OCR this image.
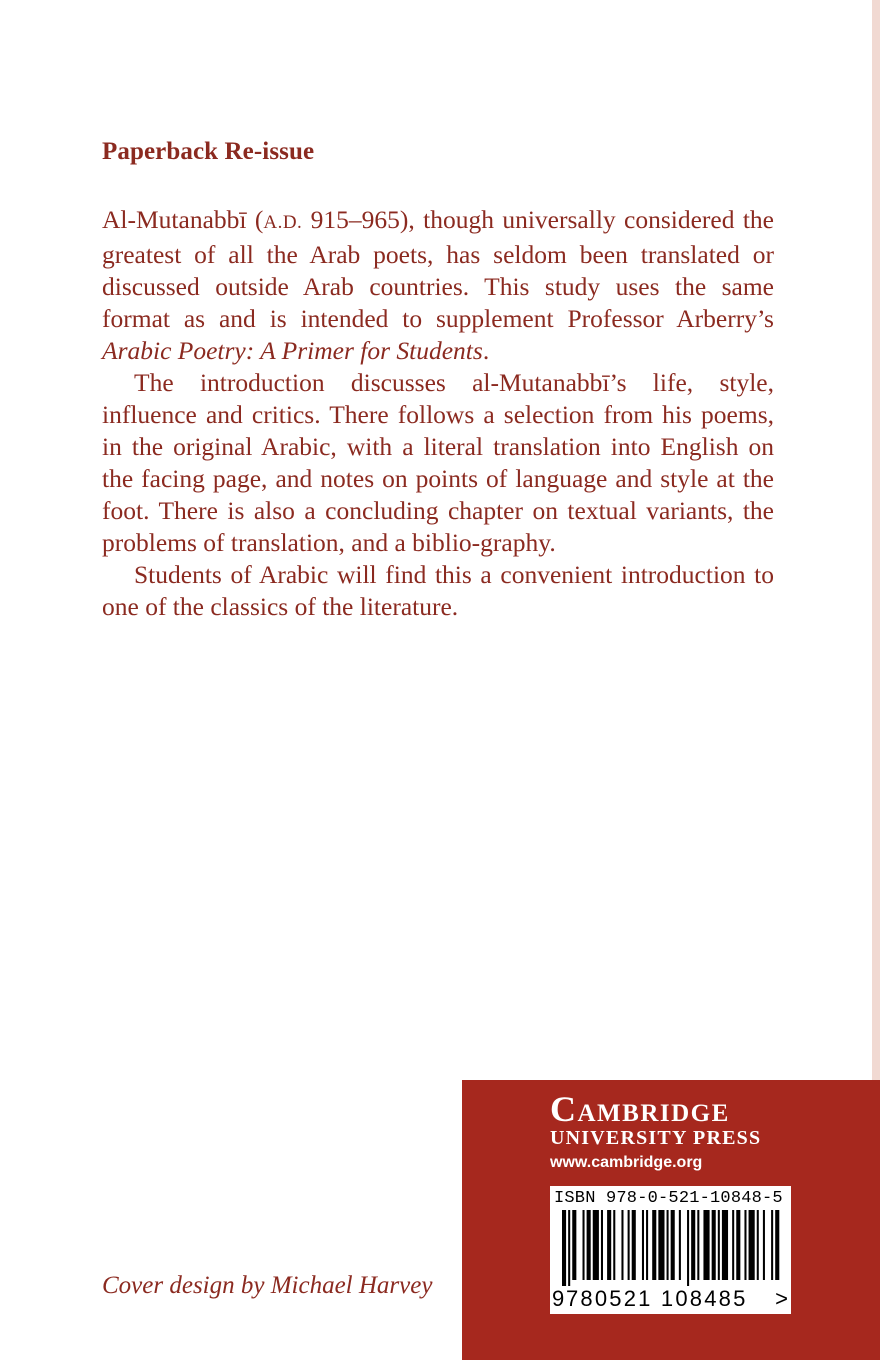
Paperback Re-issue

Al-Mutanabbī (A.D. 915–965), though universally considered the greatest of all the Arab poets, has seldom been translated or discussed outside Arab countries. This study uses the same format as and is intended to supplement Professor Arberry’s Arabic Poetry: A Primer for Students.

The introduction discusses al-Mutanabbī’s life, style, influence and critics. There follows a selection from his poems, in the original Arabic, with a literal translation into English on the facing page, and notes on points of language and style at the foot. There is also a concluding chapter on textual variants, the problems of translation, and a biblio-graphy.

Students of Arabic will find this a convenient introduction to one of the classics of the literature.

Cover design by Michael Harvey
Cambridge
UNIVERSITY PRESS
www.cambridge.org
ISBN 978-0-521-10848-5
9 780521 108485 >
